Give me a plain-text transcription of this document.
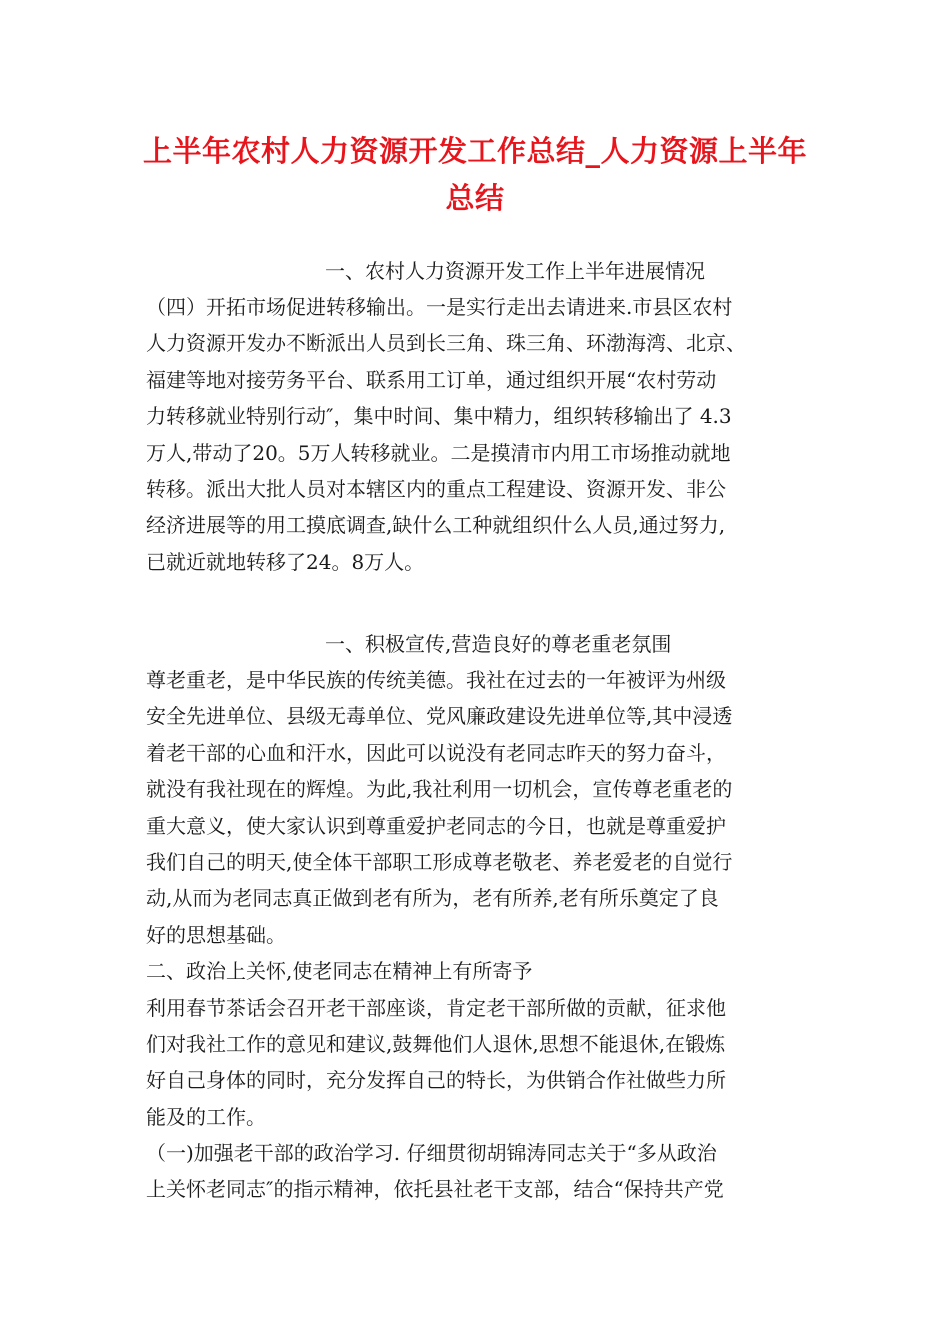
上半年农村人力资源开发工作总结_人力资源上半年
总结
一、农村人力资源开发工作上半年进展情况
（四）开拓市场促进转移输出。一是实行走出去请进来.市县区农村
人力资源开发办不断派出人员到长三角、珠三角、环渤海湾、北京、
福建等地对接劳务平台、联系用工订单，通过组织开展“农村劳动
力转移就业特别行动″，集中时间、集中精力，组织转移输出了 4.3
万人,带动了20。5万人转移就业。二是摸清市内用工市场推动就地
转移。派出大批人员对本辖区内的重点工程建设、资源开发、非公
经济进展等的用工摸底调查,缺什么工种就组织什么人员,通过努力,
已就近就地转移了24。8万人。
一、积极宣传,营造良好的尊老重老氛围
尊老重老，是中华民族的传统美德。我社在过去的一年被评为州级
安全先进单位、县级无毒单位、党风廉政建设先进单位等,其中浸透
着老干部的心血和汗水，因此可以说没有老同志昨天的努力奋斗，
就没有我社现在的辉煌。为此,我社利用一切机会，宣传尊老重老的
重大意义，使大家认识到尊重爱护老同志的今日，也就是尊重爱护
我们自己的明天,使全体干部职工形成尊老敬老、养老爱老的自觉行
动,从而为老同志真正做到老有所为，老有所养,老有所乐奠定了良
好的思想基础。
二、政治上关怀,使老同志在精神上有所寄予
利用春节茶话会召开老干部座谈，肯定老干部所做的贡献，征求他
们对我社工作的意见和建议,鼓舞他们人退休,思想不能退休,在锻炼
好自己身体的同时，充分发挥自己的特长，为供销合作社做些力所
能及的工作。
（一)加强老干部的政治学习. 仔细贯彻胡锦涛同志关于“多从政治
上关怀老同志″的指示精神，依托县社老干支部，结合“保持共产党
